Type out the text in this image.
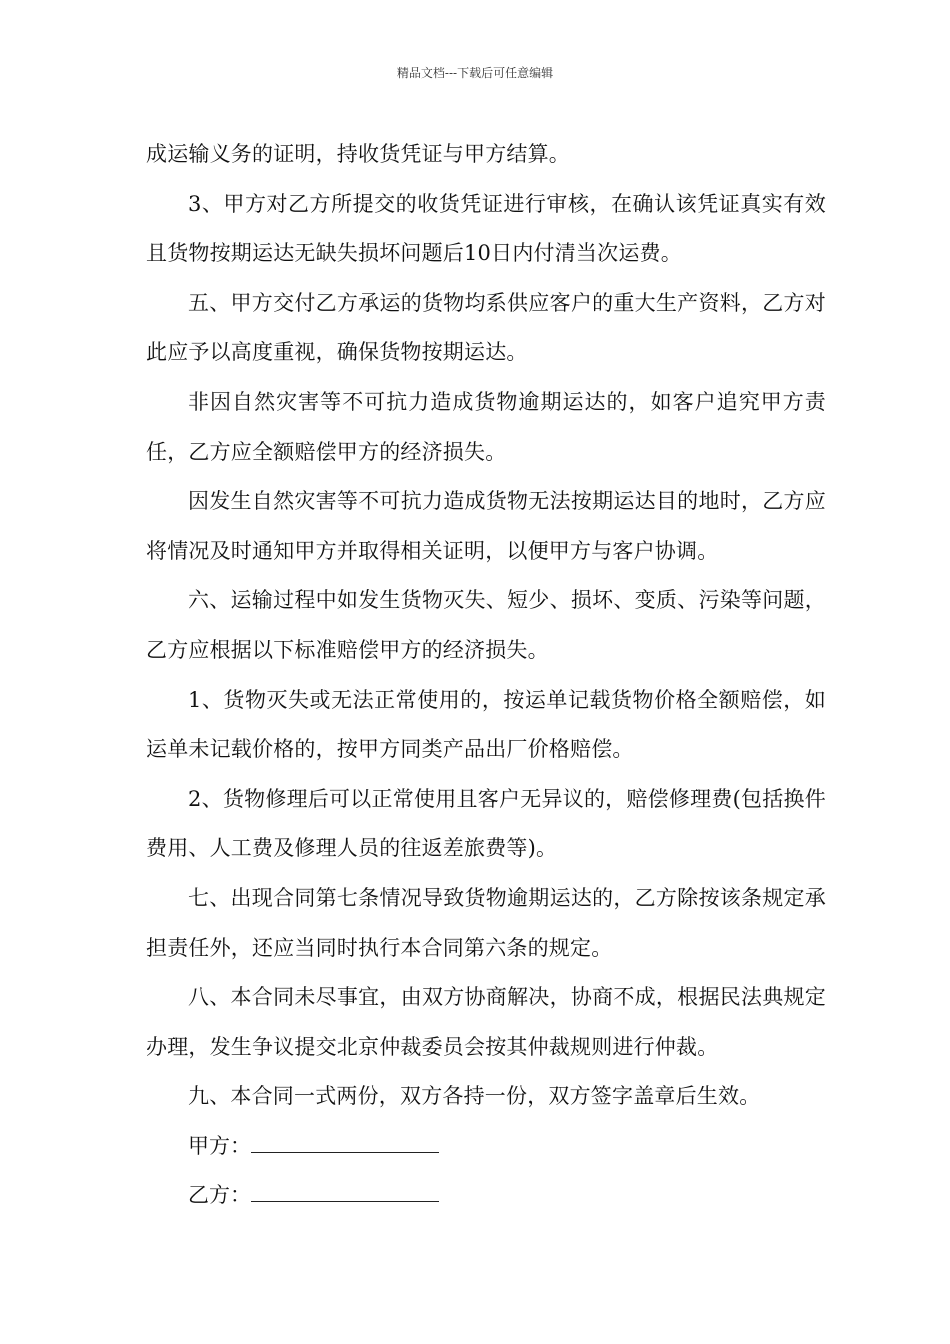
精品文档---下载后可任意编辑

成运输义务的证明，持收货凭证与甲方结算。

3、甲方对乙方所提交的收货凭证进行审核，在确认该凭证真实有效且货物按期运达无缺失损坏问题后10日内付清当次运费。

五、甲方交付乙方承运的货物均系供应客户的重大生产资料，乙方对此应予以高度重视，确保货物按期运达。

非因自然灾害等不可抗力造成货物逾期运达的，如客户追究甲方责任，乙方应全额赔偿甲方的经济损失。

因发生自然灾害等不可抗力造成货物无法按期运达目的地时，乙方应将情况及时通知甲方并取得相关证明，以便甲方与客户协调。

六、运输过程中如发生货物灭失、短少、损坏、变质、污染等问题，乙方应根据以下标准赔偿甲方的经济损失。

1、货物灭失或无法正常使用的，按运单记载货物价格全额赔偿，如运单未记载价格的，按甲方同类产品出厂价格赔偿。

2、货物修理后可以正常使用且客户无异议的，赔偿修理费(包括换件费用、人工费及修理人员的往返差旅费等)。

七、出现合同第七条情况导致货物逾期运达的，乙方除按该条规定承担责任外，还应当同时执行本合同第六条的规定。

八、本合同未尽事宜，由双方协商解决，协商不成，根据民法典规定办理，发生争议提交北京仲裁委员会按其仲裁规则进行仲裁。

九、本合同一式两份，双方各持一份，双方签字盖章后生效。

甲方：

乙方：
